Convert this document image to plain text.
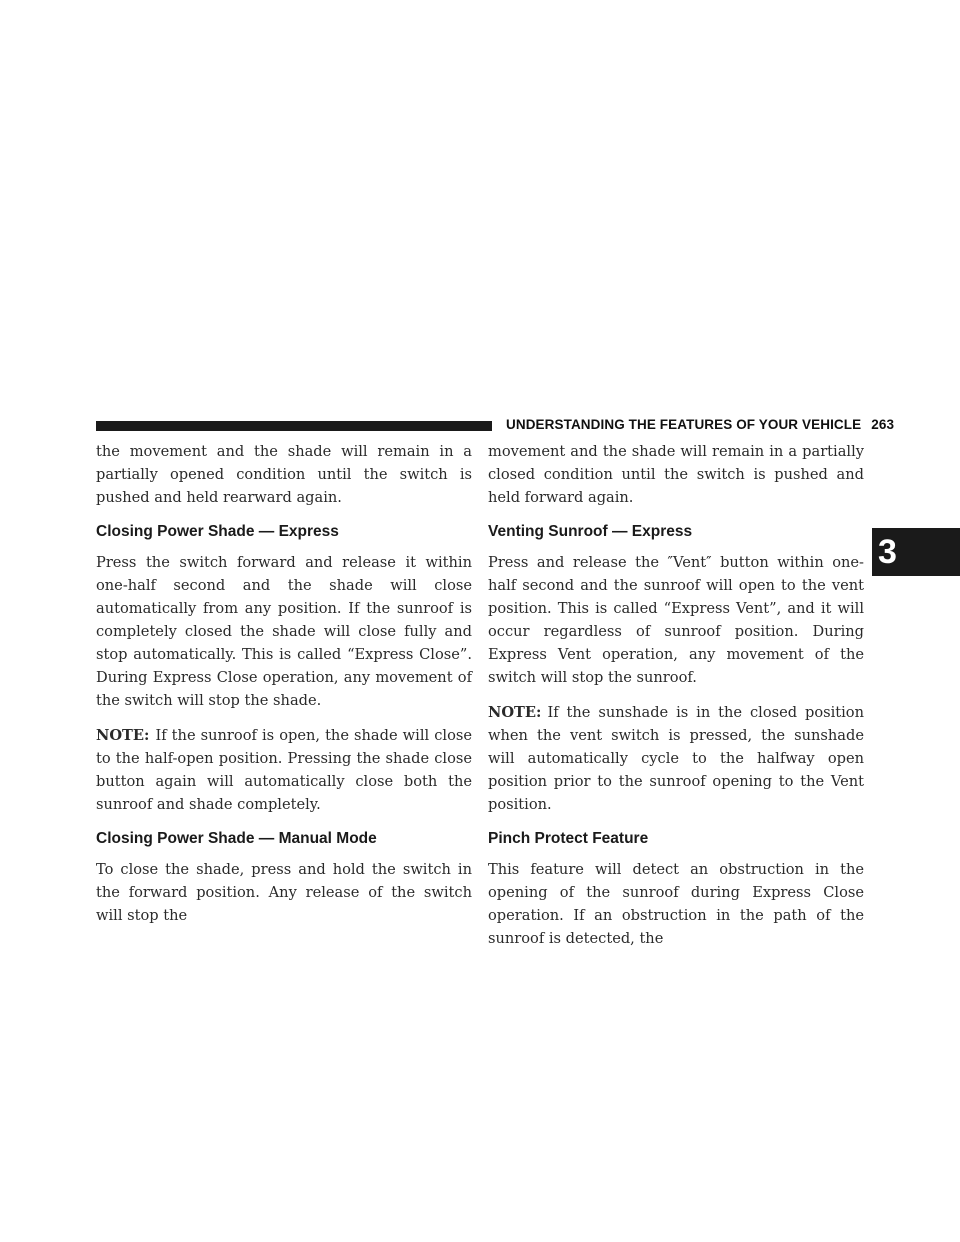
UNDERSTANDING THE FEATURES OF YOUR VEHICLE 263
3

the movement and the shade will remain in a partially opened condition until the switch is pushed and held rearward again.

Closing Power Shade — Express

Press the switch forward and release it within one-half second and the shade will close automatically from any position. If the sunroof is completely closed the shade will close fully and stop automatically. This is called “Express Close”. During Express Close operation, any movement of the switch will stop the shade.

NOTE: If the sunroof is open, the shade will close to the half-open position. Pressing the shade close button again will automatically close both the sunroof and shade completely.

Closing Power Shade — Manual Mode

To close the shade, press and hold the switch in the forward position. Any release of the switch will stop the

movement and the shade will remain in a partially closed condition until the switch is pushed and held forward again.

Venting Sunroof — Express

Press and release the ″Vent″ button within one-half second and the sunroof will open to the vent position. This is called “Express Vent”, and it will occur regardless of sunroof position. During Express Vent operation, any movement of the switch will stop the sunroof.

NOTE: If the sunshade is in the closed position when the vent switch is pressed, the sunshade will automatically cycle to the halfway open position prior to the sunroof opening to the Vent position.

Pinch Protect Feature

This feature will detect an obstruction in the opening of the sunroof during Express Close operation. If an obstruction in the path of the sunroof is detected, the
